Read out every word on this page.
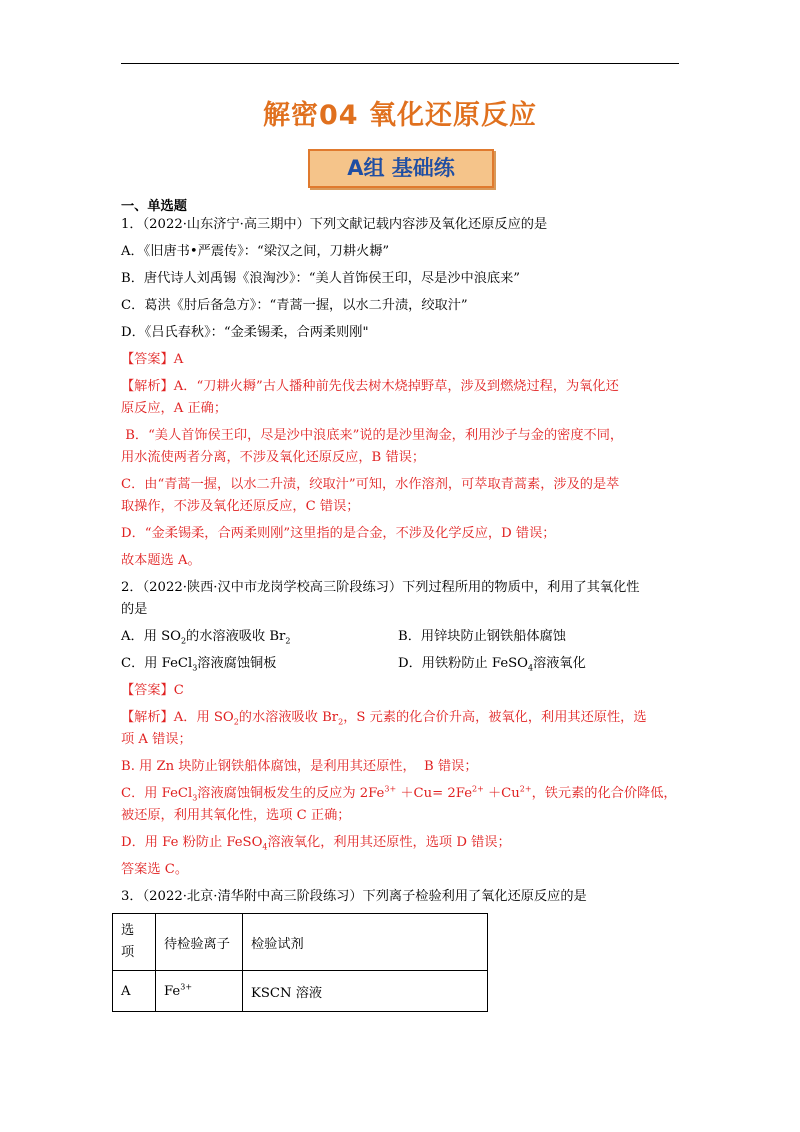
解密04 氧化还原反应
A组 基础练
一、单选题
1．（2022·山东济宁·高三期中）下列文献记载内容涉及氧化还原反应的是
A．《旧唐书•严震传》：“梁汉之间，刀耕火耨”
B．唐代诗人刘禹锡《浪淘沙》：“美人首饰侯王印，尽是沙中浪底来”
C．葛洪《肘后备急方》：“青蒿一握，以水二升渍，绞取汁”
D．《吕氏春秋》：“金柔锡柔，合两柔则刚"
【答案】A
【解析】A．“刀耕火耨”古人播种前先伐去树木烧掉野草，涉及到燃烧过程，为氧化还
原反应，A 正确；
B．“美人首饰侯王印，尽是沙中浪底来”说的是沙里淘金，利用沙子与金的密度不同，
用水流使两者分离，不涉及氧化还原反应，B 错误；
C．由“青蒿一握，以水二升渍，绞取汁”可知，水作溶剂，可萃取青蒿素，涉及的是萃
取操作，不涉及氧化还原反应，C 错误；
D．“金柔锡柔，合两柔则刚”这里指的是合金，不涉及化学反应，D 错误；
故本题选 A。
2．（2022·陕西·汉中市龙岗学校高三阶段练习）下列过程所用的物质中，利用了其氧化性
的是
A．用 $SO_2$的水溶液吸收 $Br_2$	B．用锌块防止钢铁船体腐蚀
C．用 FeCl$_3$溶液腐蚀铜板	D．用铁粉防止 FeSO$_4$溶液氧化
【答案】C
【解析】A．用 $SO_2$的水溶液吸收 $Br_2$，S 元素的化合价升高，被氧化，利用其还原性，选
项 A 错误；
B. 用 Zn 块防止钢铁船体腐蚀，是利用其还原性，  B 错误；
C．用 FeCl$_3$溶液腐蚀铜板发生的反应为 $2Fe^{3+} +Cu= 2Fe^{2+} +Cu^{2+}$，铁元素的化合价降低，
被还原，利用其氧化性，选项 C 正确；
D．用 Fe 粉防止 FeSO$_4$溶液氧化，利用其还原性，选项 D 错误；
答案选 C。
3．（2022·北京·清华附中高三阶段练习）下列离子检验利用了氧化还原反应的是
选
项	待检验离子	检验试剂
A	$Fe^{3+}$	KSCN 溶液
